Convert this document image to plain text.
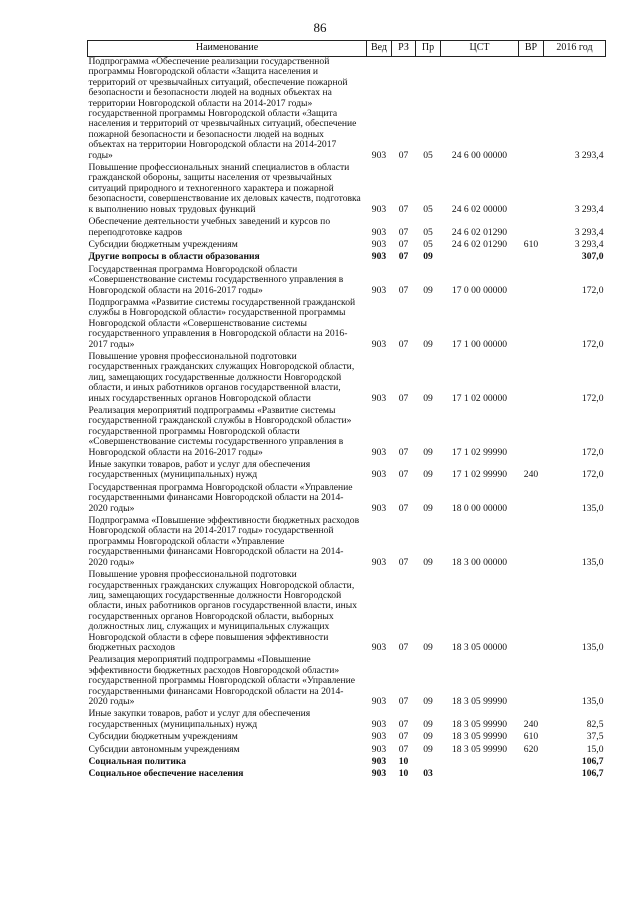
86
Наименование	Вед	РЗ	Пр	ЦСТ	ВР	2016 год
Подпрограмма «Обеспечение реализации государственной программы Новгородской области «Защита населения и территорий от чрезвычайных ситуаций, обеспечение пожарной безопасности и безопасности людей на водных объектах на территории Новгородской области на 2014-2017 годы» государственной программы Новгородской области «Защита населения и территорий от чрезвычайных ситуаций, обеспечение пожарной безопасности и безопасности людей на водных объектах на территории Новгородской области на 2014-2017 годы»	903	07	05	24 6 00 00000		3 293,4
Повышение профессиональных знаний специалистов в области гражданской обороны, защиты населения от чрезвычайных ситуаций природного и техногенного характера и пожарной безопасности, совершенствование их деловых качеств, подготовка к выполнению новых трудовых функций	903	07	05	24 6 02 00000		3 293,4
Обеспечение деятельности учебных заведений и курсов по переподготовке кадров	903	07	05	24 6 02 01290		3 293,4
Субсидии бюджетным учреждениям	903	07	05	24 6 02 01290	610	3 293,4
Другие вопросы в области образования	903	07	09			307,0
Государственная программа Новгородской области «Совершенствование системы государственного управления в Новгородской области на 2016-2017 годы»	903	07	09	17 0 00 00000		172,0
Подпрограмма «Развитие системы государственной гражданской службы в Новгородской области» государственной программы Новгородской области «Совершенствование системы государственного управления в Новгородской области на 2016-2017 годы»	903	07	09	17 1 00 00000		172,0
Повышение уровня профессиональной подготовки государственных гражданских служащих Новгородской области, лиц, замещающих государственные должности Новгородской области, и иных работников органов государственной власти, иных государственных органов Новгородской области	903	07	09	17 1 02 00000		172,0
Реализация мероприятий подпрограммы «Развитие системы государственной гражданской службы в Новгородской области» государственной программы Новгородской области «Совершенствование системы государственного управления в Новгородской области на 2016-2017 годы»	903	07	09	17 1 02 99990		172,0
Иные закупки товаров, работ и услуг для обеспечения государственных (муниципальных) нужд	903	07	09	17 1 02 99990	240	172,0
Государственная программа Новгородской области «Управление государственными финансами Новгородской области на 2014-2020 годы»	903	07	09	18 0 00 00000		135,0
Подпрограмма «Повышение эффективности бюджетных расходов Новгородской области на 2014-2017 годы» государственной программы Новгородской области «Управление государственными финансами Новгородской области на 2014-2020 годы»	903	07	09	18 3 00 00000		135,0
Повышение уровня профессиональной подготовки государственных гражданских служащих Новгородской области, лиц, замещающих государственные должности Новгородской области, иных работников органов государственной власти, иных государственных органов Новгородской области, выборных должностных лиц, служащих и муниципальных служащих Новгородской области в сфере повышения эффективности бюджетных расходов	903	07	09	18 3 05 00000		135,0
Реализация мероприятий подпрограммы «Повышение эффективности бюджетных расходов Новгородской области» государственной программы Новгородской области «Управление государственными финансами Новгородской области на 2014-2020 годы»	903	07	09	18 3 05 99990		135,0
Иные закупки товаров, работ и услуг для обеспечения государственных (муниципальных) нужд	903	07	09	18 3 05 99990	240	82,5
Субсидии бюджетным учреждениям	903	07	09	18 3 05 99990	610	37,5
Субсидии автономным учреждениям	903	07	09	18 3 05 99990	620	15,0
Социальная политика	903	10				106,7
Социальное обеспечение населения	903	10	03			106,7
